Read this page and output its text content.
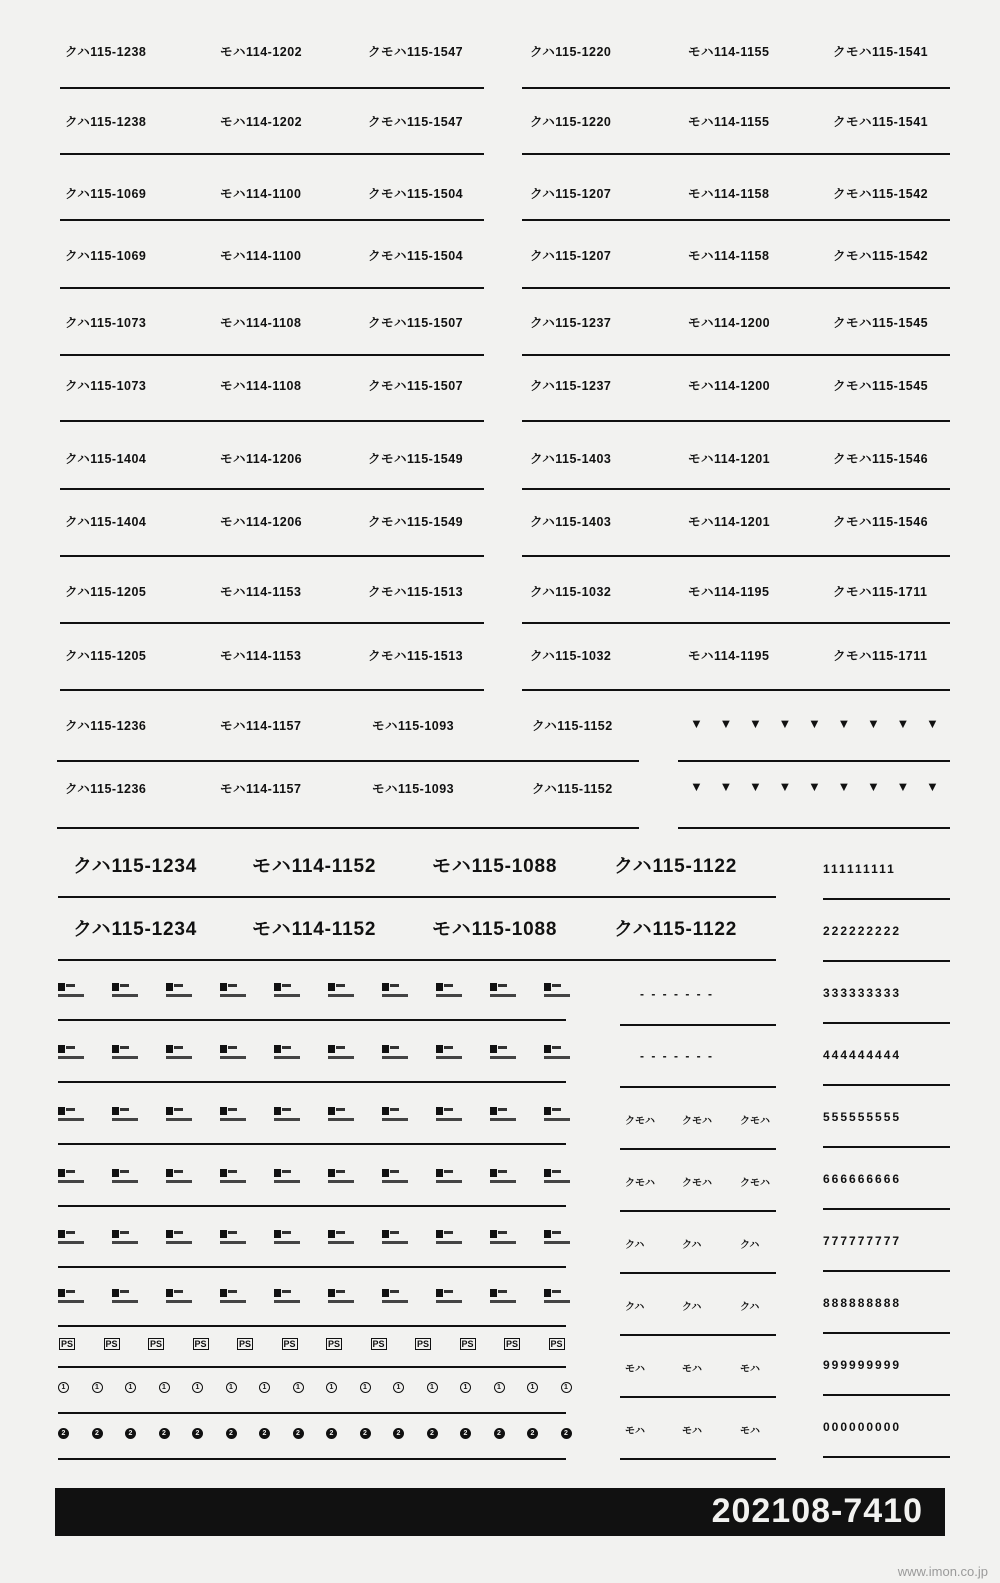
202108-7410
www.imon.co.jp
クハ115-1238	モハ114-1202	クモハ115-1547	クハ115-1220	モハ114-1155	クモハ115-1541
クハ115-1238	モハ114-1202	クモハ115-1547	クハ115-1220	モハ114-1155	クモハ115-1541
クハ115-1069	モハ114-1100	クモハ115-1504	クハ115-1207	モハ114-1158	クモハ115-1542
クハ115-1069	モハ114-1100	クモハ115-1504	クハ115-1207	モハ114-1158	クモハ115-1542
クハ115-1073	モハ114-1108	クモハ115-1507	クハ115-1237	モハ114-1200	クモハ115-1545
クハ115-1073	モハ114-1108	クモハ115-1507	クハ115-1237	モハ114-1200	クモハ115-1545
クハ115-1404	モハ114-1206	クモハ115-1549	クハ115-1403	モハ114-1201	クモハ115-1546
クハ115-1404	モハ114-1206	クモハ115-1549	クハ115-1403	モハ114-1201	クモハ115-1546
クハ115-1205	モハ114-1153	クモハ115-1513	クハ115-1032	モハ114-1195	クモハ115-1711
クハ115-1205	モハ114-1153	クモハ115-1513	クハ115-1032	モハ114-1195	クモハ115-1711
クハ115-1236	モハ114-1157	モハ115-1093	クハ115-1152	▼ ▼ ▼ ▼ ▼ ▼ ▼ ▼ ▼
クハ115-1236	モハ114-1157	モハ115-1093	クハ115-1152	▼ ▼ ▼ ▼ ▼ ▼ ▼ ▼ ▼
クハ115-1234	モハ114-1152	モハ115-1088	クハ115-1122
クハ115-1234	モハ114-1152	モハ115-1088	クハ115-1122
111111111
222222222
333333333
444444444
555555555
666666666
777777777
888888888
999999999
000000000
PS	PS	PS	PS	PS	PS	PS	PS	PS	PS	PS	PS
1	1	1	1	1	1	1	1	1	1	1	1	1	1	1	1
2	2	2	2	2	2	2	2	2	2	2	2	2	2	2	2
- - - - - - -
- - - - - - -
クモハ	クモハ	クモハ
クモハ	クモハ	クモハ
クハ	クハ	クハ
クハ	クハ	クハ
モハ	モハ	モハ
モハ	モハ	モハ
